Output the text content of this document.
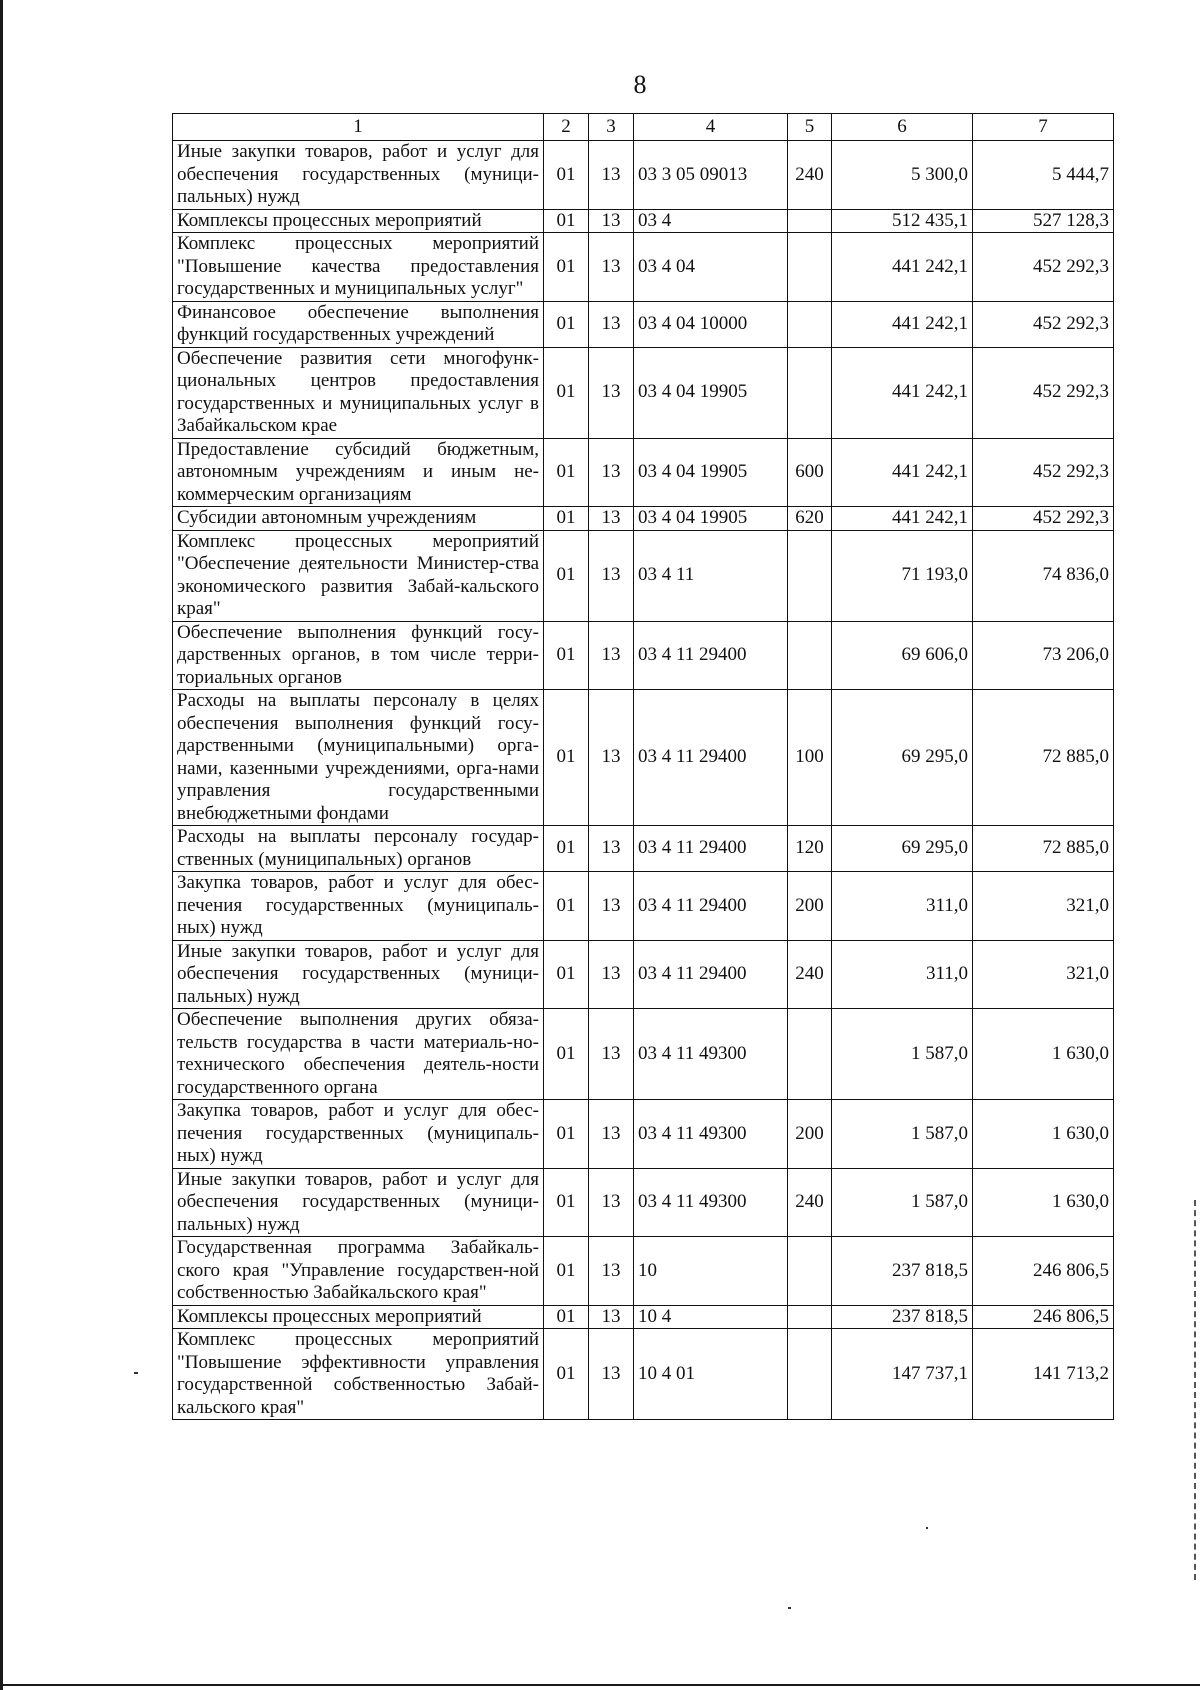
8
1	2	3	4	5	6	7
Иные закупки товаров, работ и услуг для обеспечения государственных (муници-пальных) нужд	01	13	03 3 05 09013	240	5 300,0	5 444,7
Комплексы процессных мероприятий	01	13	03 4		512 435,1	527 128,3
Комплекс процессных мероприятий "Повышение качества предоставления государственных и муниципальных услуг"	01	13	03 4 04		441 242,1	452 292,3
Финансовое обеспечение выполнения функций государственных учреждений	01	13	03 4 04 10000		441 242,1	452 292,3
Обеспечение развития сети многофунк-циональных центров предоставления государственных и муниципальных услуг в Забайкальском крае	01	13	03 4 04 19905		441 242,1	452 292,3
Предоставление субсидий бюджетным, автономным учреждениям и иным не-коммерческим организациям	01	13	03 4 04 19905	600	441 242,1	452 292,3
Субсидии автономным учреждениям	01	13	03 4 04 19905	620	441 242,1	452 292,3
Комплекс процессных мероприятий "Обеспечение деятельности Министер-ства экономического развития Забай-кальского края"	01	13	03 4 11		71 193,0	74 836,0
Обеспечение выполнения функций госу-дарственных органов, в том числе терри-ториальных органов	01	13	03 4 11 29400		69 606,0	73 206,0
Расходы на выплаты персоналу в целях обеспечения выполнения функций госу-дарственными (муниципальными) орга-нами, казенными учреждениями, орга-нами управления государственными внебюджетными фондами	01	13	03 4 11 29400	100	69 295,0	72 885,0
Расходы на выплаты персоналу государ-ственных (муниципальных) органов	01	13	03 4 11 29400	120	69 295,0	72 885,0
Закупка товаров, работ и услуг для обес-печения государственных (муниципаль-ных) нужд	01	13	03 4 11 29400	200	311,0	321,0
Иные закупки товаров, работ и услуг для обеспечения государственных (муници-пальных) нужд	01	13	03 4 11 29400	240	311,0	321,0
Обеспечение выполнения других обяза-тельств государства в части материаль-но-технического обеспечения деятель-ности государственного органа	01	13	03 4 11 49300		1 587,0	1 630,0
Закупка товаров, работ и услуг для обес-печения государственных (муниципаль-ных) нужд	01	13	03 4 11 49300	200	1 587,0	1 630,0
Иные закупки товаров, работ и услуг для обеспечения государственных (муници-пальных) нужд	01	13	03 4 11 49300	240	1 587,0	1 630,0
Государственная программа Забайкаль-ского края "Управление государствен-ной собственностью Забайкальского края"	01	13	10		237 818,5	246 806,5
Комплексы процессных мероприятий	01	13	10 4		237 818,5	246 806,5
Комплекс процессных мероприятий "Повышение эффективности управления государственной собственностью Забай-кальского края"	01	13	10 4 01		147 737,1	141 713,2
